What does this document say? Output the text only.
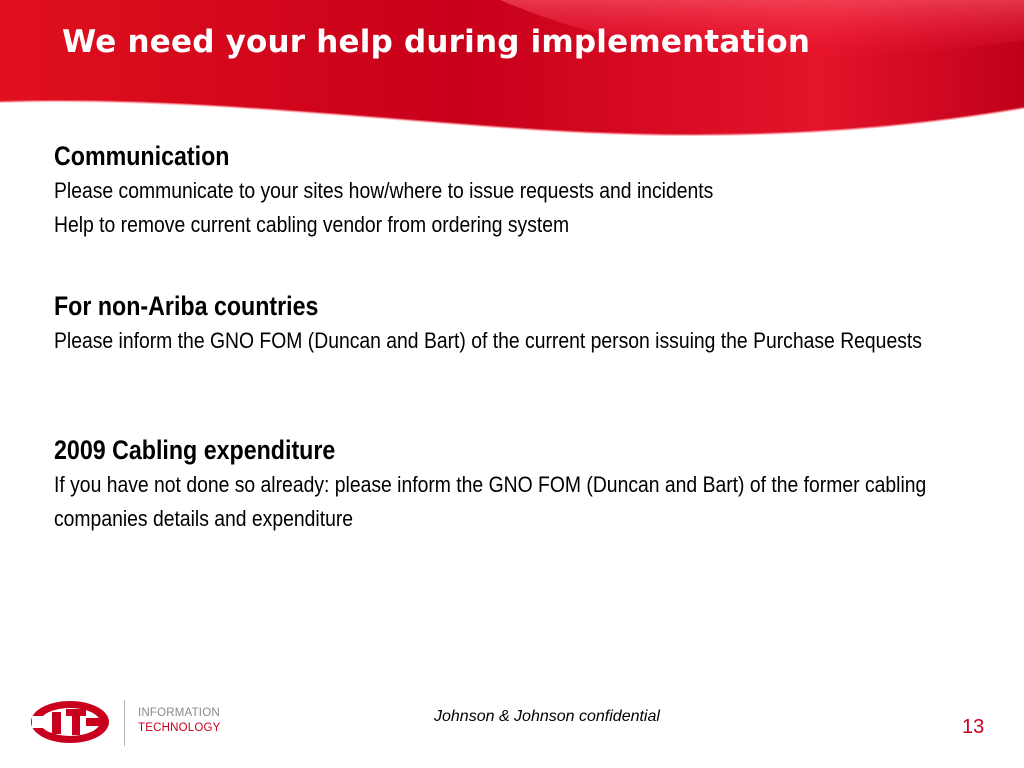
We need your help during implementation
Communication

Please communicate to your sites how/where to issue requests and incidents

Help to remove current cabling vendor from ordering system

For non-Ariba countries

Please inform the GNO FOM (Duncan and Bart) of the current person issuing the Purchase Requests

2009 Cabling expenditure

If you have not done so already: please inform the GNO FOM (Duncan and Bart) of the former cabling companies details and expenditure

INFORMATION
TECHNOLOGY
Johnson & Johnson confidential	13
